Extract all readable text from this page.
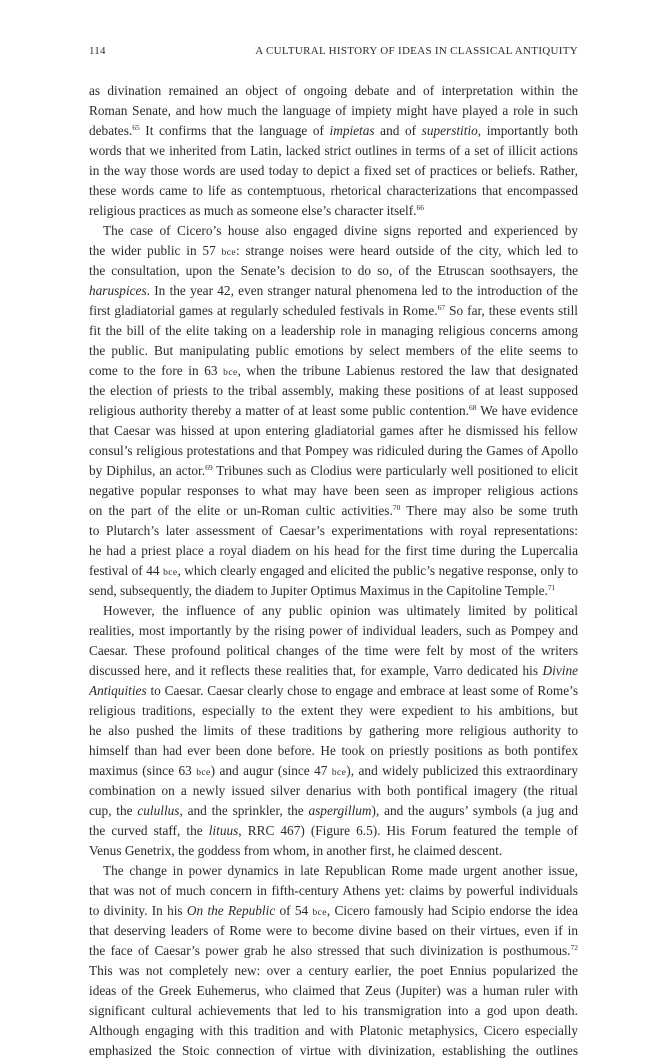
114	A CULTURAL HISTORY OF IDEAS IN CLASSICAL ANTIQUITY
as divination remained an object of ongoing debate and of interpretation within the
Roman Senate, and how much the language of impiety might have played a role in such
debates.$^{65}$ It confirms that the language of impietas and of superstitio, importantly both
words that we inherited from Latin, lacked strict outlines in terms of a set of illicit actions
in the way those words are used today to depict a fixed set of practices or beliefs. Rather,
these words came to life as contemptuous, rhetorical characterizations that encompassed
religious practices as much as someone else’s character itself.$^{66}$
The case of Cicero’s house also engaged divine signs reported and experienced by
the wider public in 57 bce: strange noises were heard outside of the city, which led to
the consultation, upon the Senate’s decision to do so, of the Etruscan soothsayers, the
haruspices. In the year 42, even stranger natural phenomena led to the introduction of the
first gladiatorial games at regularly scheduled festivals in Rome.$^{67}$ So far, these events still
fit the bill of the elite taking on a leadership role in managing religious concerns among
the public. But manipulating public emotions by select members of the elite seems to
come to the fore in 63 bce, when the tribune Labienus restored the law that designated
the election of priests to the tribal assembly, making these positions of at least supposed
religious authority thereby a matter of at least some public contention.$^{68}$ We have evidence
that Caesar was hissed at upon entering gladiatorial games after he dismissed his fellow
consul’s religious protestations and that Pompey was ridiculed during the Games of Apollo
by Diphilus, an actor.$^{69}$ Tribunes such as Clodius were particularly well positioned to elicit
negative popular responses to what may have been seen as improper religious actions
on the part of the elite or un-Roman cultic activities.$^{70}$ There may also be some truth
to Plutarch’s later assessment of Caesar’s experimentations with royal representations:
he had a priest place a royal diadem on his head for the first time during the Lupercalia
festival of 44 bce, which clearly engaged and elicited the public’s negative response, only to
send, subsequently, the diadem to Jupiter Optimus Maximus in the Capitoline Temple.$^{71}$
However, the influence of any public opinion was ultimately limited by political
realities, most importantly by the rising power of individual leaders, such as Pompey and
Caesar. These profound political changes of the time were felt by most of the writers
discussed here, and it reflects these realities that, for example, Varro dedicated his Divine
Antiquities to Caesar. Caesar clearly chose to engage and embrace at least some of Rome’s
religious traditions, especially to the extent they were expedient to his ambitions, but
he also pushed the limits of these traditions by gathering more religious authority to
himself than had ever been done before. He took on priestly positions as both pontifex
maximus (since 63 bce) and augur (since 47 bce), and widely publicized this extraordinary
combination on a newly issued silver denarius with both pontifical imagery (the ritual
cup, the culullus, and the sprinkler, the aspergillum), and the augurs’ symbols (a jug and
the curved staff, the lituus, RRC 467) (Figure 6.5). His Forum featured the temple of
Venus Genetrix, the goddess from whom, in another first, he claimed descent.
The change in power dynamics in late Republican Rome made urgent another issue,
that was not of much concern in fifth-century Athens yet: claims by powerful individuals
to divinity. In his On the Republic of 54 bce, Cicero famously had Scipio endorse the idea
that deserving leaders of Rome were to become divine based on their virtues, even if in
the face of Caesar’s power grab he also stressed that such divinization is posthumous.$^{72}$
This was not completely new: over a century earlier, the poet Ennius popularized the
ideas of the Greek Euhemerus, who claimed that Zeus (Jupiter) was a human ruler with
significant cultural achievements that led to his transmigration into a god upon death.
Although engaging with this tradition and with Platonic metaphysics, Cicero especially
emphasized the Stoic connection of virtue with divinization, establishing the outlines
